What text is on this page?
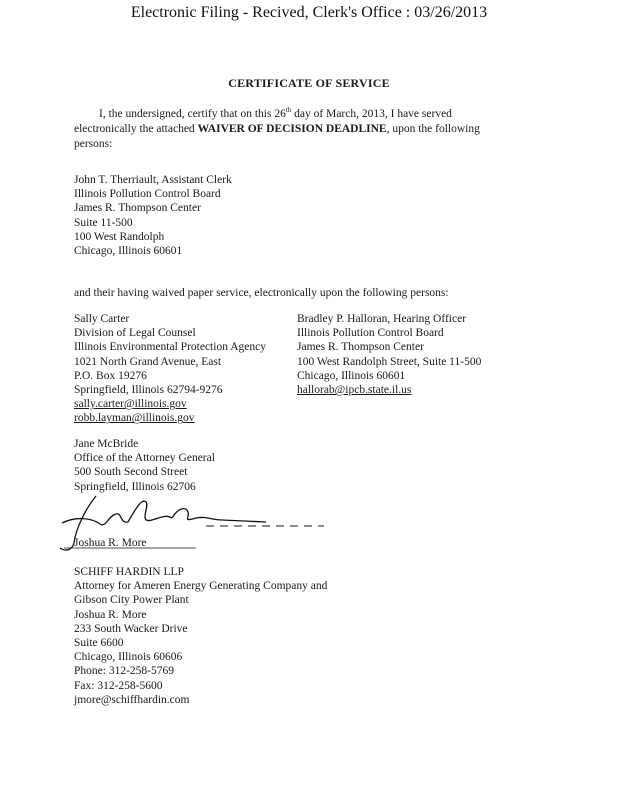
Electronic Filing - Recived, Clerk's Office : 03/26/2013
CERTIFICATE OF SERVICE
I, the undersigned, certify that on this 26th day of March, 2013, I have served electronically the attached WAIVER OF DECISION DEADLINE, upon the following persons:
John T. Therriault, Assistant Clerk
Illinois Pollution Control Board
James R. Thompson Center
Suite 11-500
100 West Randolph
Chicago, Illinois 60601
and their having waived paper service, electronically upon the following persons:
Sally Carter
Division of Legal Counsel
Illinois Environmental Protection Agency
1021 North Grand Avenue, East
P.O. Box 19276
Springfield, Illinois 62794-9276
sally.carter@illinois.gov
robb.layman@illinois.gov
Bradley P. Halloran, Hearing Officer
Illinois Pollution Control Board
James R. Thompson Center
100 West Randolph Street, Suite 11-500
Chicago, Illinois 60601
hallorab@ipcb.state.il.us
Jane McBride
Office of the Attorney General
500 South Second Street
Springfield, Illinois 62706
Joshua R. More
SCHIFF HARDIN LLP
Attorney for Ameren Energy Generating Company and
Gibson City Power Plant
Joshua R. More
233 South Wacker Drive
Suite 6600
Chicago, Illinois 60606
Phone: 312-258-5769
Fax: 312-258-5600
jmore@schiffhardin.com
